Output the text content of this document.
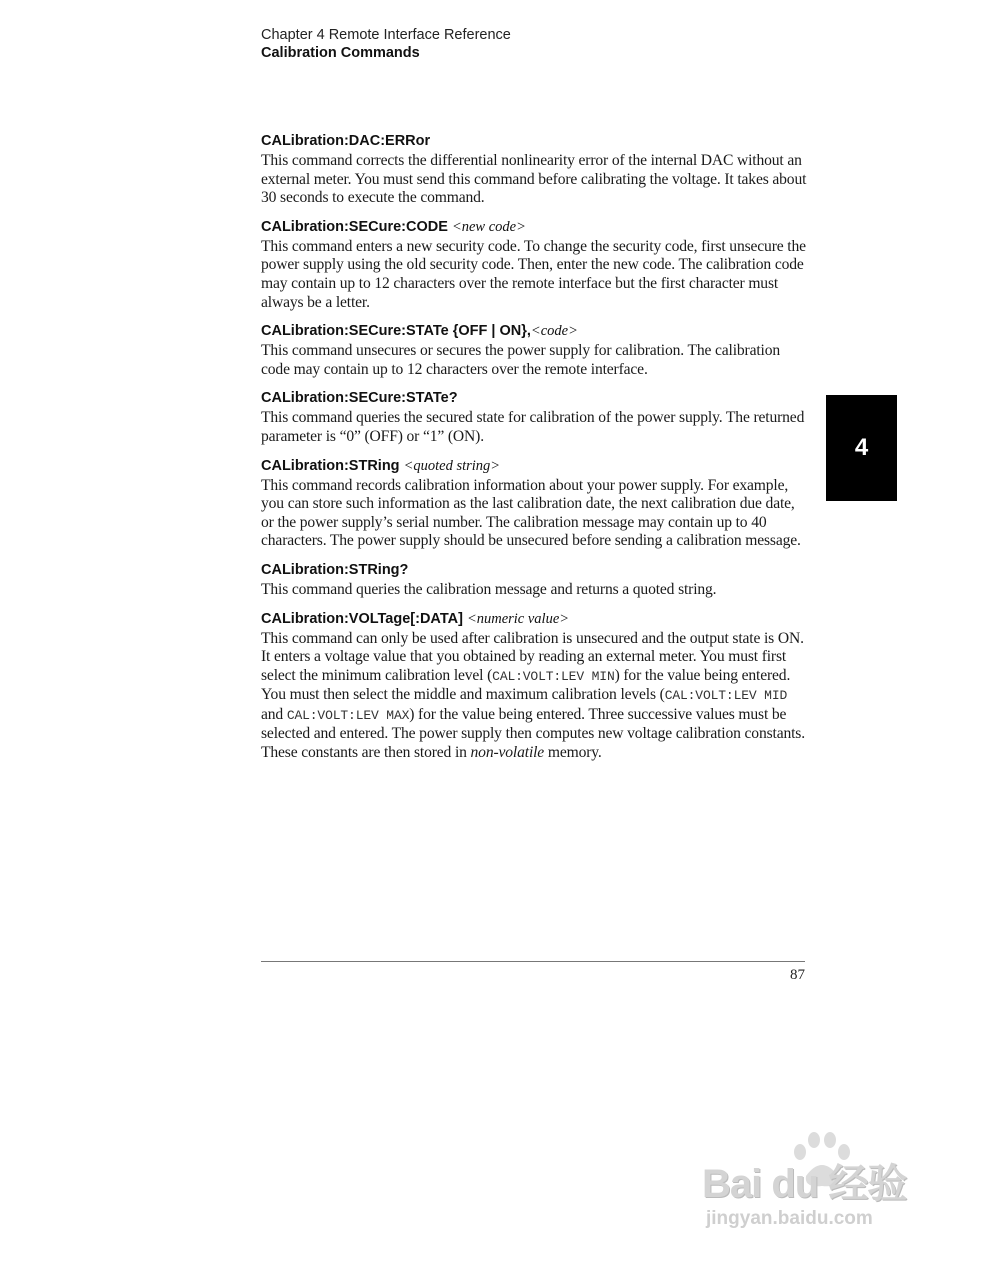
Chapter 4 Remote Interface Reference
Calibration Commands

CALibration:DAC:ERRor

This command corrects the differential nonlinearity error of the internal DAC without an external meter. You must send this command before calibrating the voltage. It takes about 30 seconds to execute the command.

CALibration:SECure:CODE <new code>

This command enters a new security code. To change the security code, first unsecure the power supply using the old security code. Then, enter the new code. The calibration code may contain up to 12 characters over the remote interface but the first character must always be a letter.

CALibration:SECure:STATe {OFF | ON},<code>

This command unsecures or secures the power supply for calibration. The calibration code may contain up to 12 characters over the remote interface.

CALibration:SECure:STATe?

This command queries the secured state for calibration of the power supply. The returned parameter is “0” (OFF) or “1” (ON).

CALibration:STRing <quoted string>

This command records calibration information about your power supply. For example, you can store such information as the last calibration date, the next calibration due date, or the power supply’s serial number. The calibration message may contain up to 40 characters. The power supply should be unsecured before sending a calibration message.

CALibration:STRing?

This command queries the calibration message and returns a quoted string.

CALibration:VOLTage[:DATA] <numeric value>

This command can only be used after calibration is unsecured and the output state is ON. It enters a voltage value that you obtained by reading an external meter. You must first select the minimum calibration level (CAL:VOLT:LEV MIN) for the value being entered. You must then select the middle and maximum calibration levels (CAL:VOLT:LEV MID and CAL:VOLT:LEV MAX) for the value being entered. Three successive values must be selected and entered. The power supply then computes new voltage calibration constants. These constants are then stored in non-volatile memory.

4
87
Bai du 经验
jingyan.baidu.com
